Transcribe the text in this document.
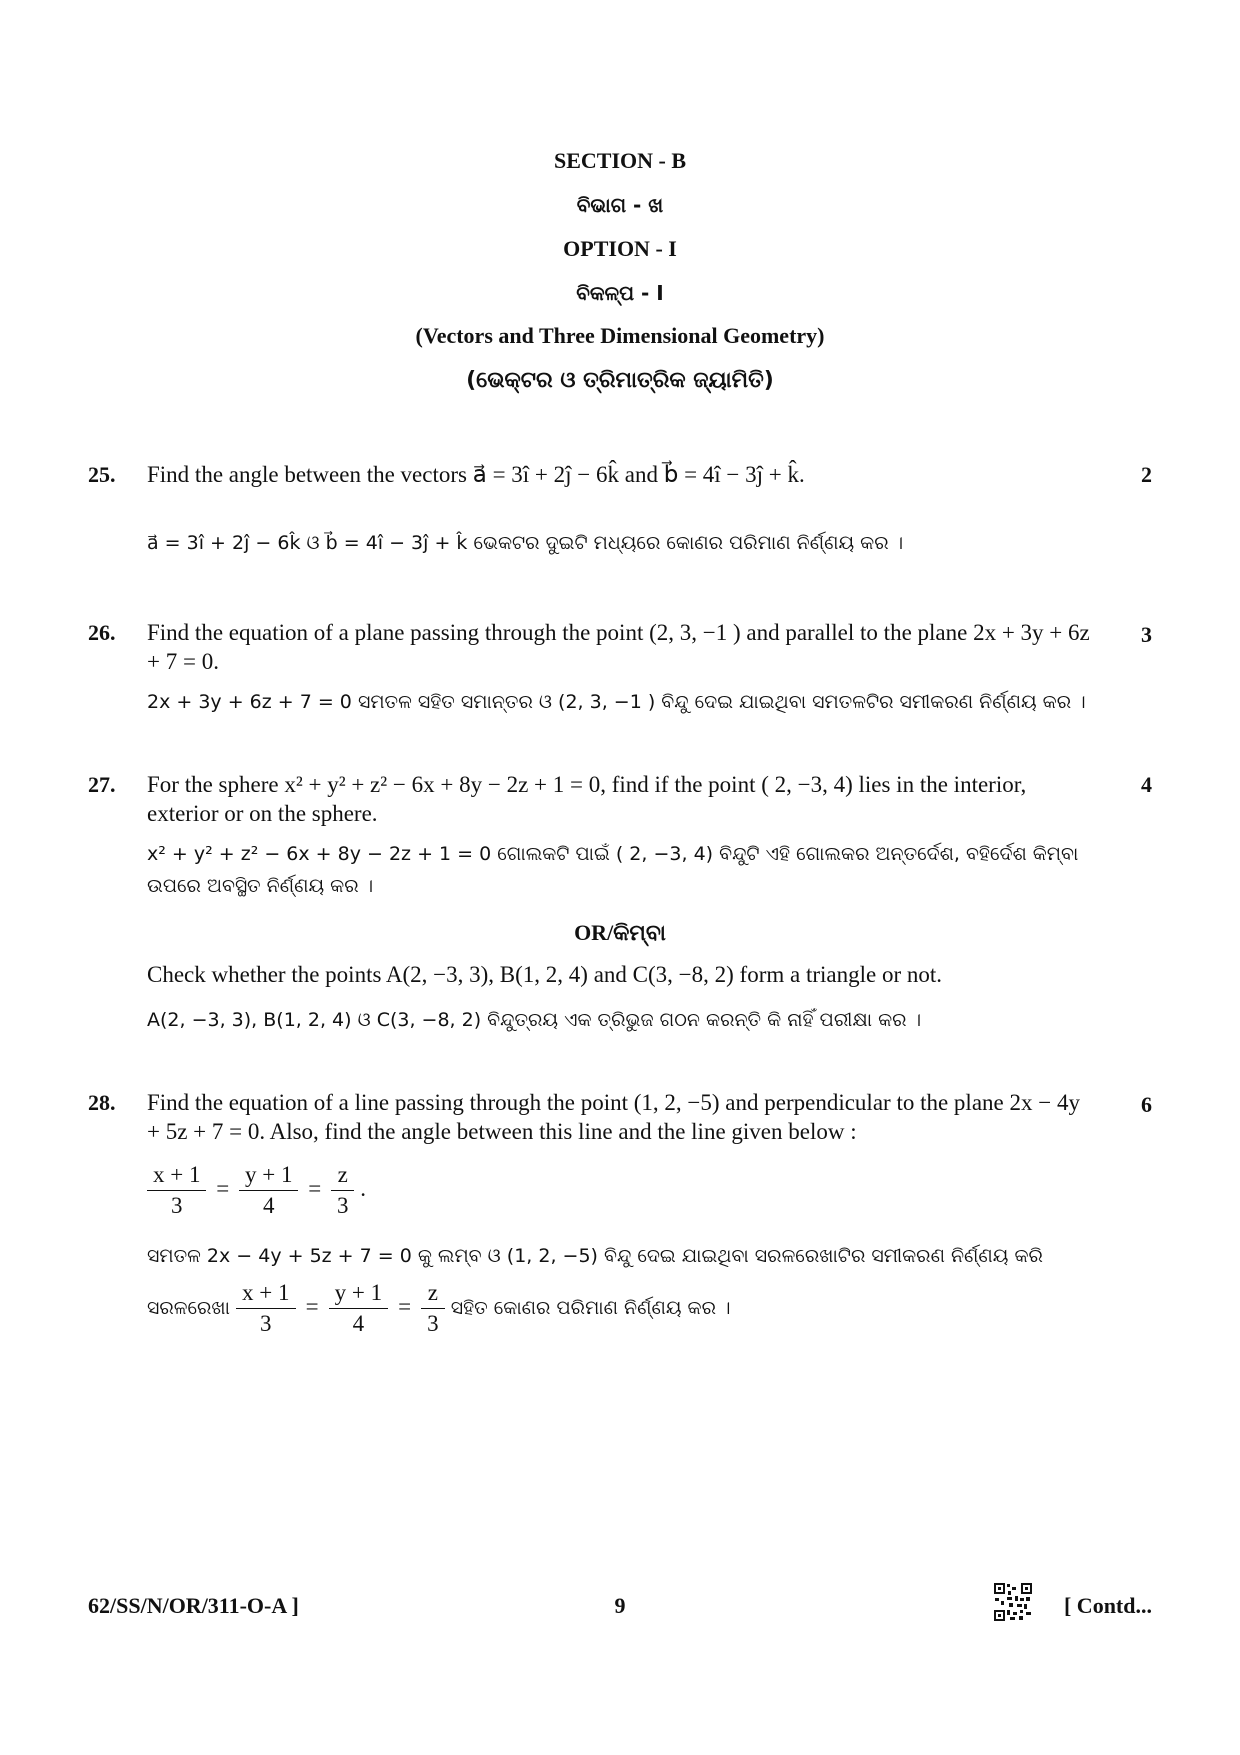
SECTION - B
ବିଭାଗ - ଖ
OPTION - I
ବିକଳ୍ପ - I
(Vectors and Three Dimensional Geometry)
(ଭେକ୍ଟର ଓ ତ୍ରିମାତ୍ରିକ ଜ୍ୟାମିତି)
25. Find the angle between the vectors a⃗ = 3î + 2ĵ − 6k̂ and b⃗ = 4î − 3ĵ + k̂.	2
a⃗ = 3î + 2ĵ − 6k̂ ଓ b⃗ = 4î − 3ĵ + k̂ ଭେକଟର ଦୁଇଟି ମଧ୍ୟରେ କୋଣର ପରିମାଣ ନିର୍ଣ୍ଣୟ କର ।
26. Find the equation of a plane passing through the point (2, 3, −1 ) and parallel to the plane 2x + 3y + 6z + 7 = 0.
3
2x + 3y + 6z + 7 = 0 ସମତଳ ସହିତ ସମାନ୍ତର ଓ (2, 3, −1 ) ବିନ୍ଦୁ ଦେଇ ଯାଇଥିବା ସମତଳଟିର ସମୀକରଣ ନିର୍ଣ୍ଣୟ କର ।
27. For the sphere x² + y² + z² − 6x + 8y − 2z + 1 = 0, find if the point ( 2, −3, 4) lies in the interior, exterior or on the sphere.
4
x² + y² + z² − 6x + 8y − 2z + 1 = 0 ଗୋଲକଟି ପାଇଁ ( 2, −3, 4) ବିନ୍ଦୁଟି ଏହି ଗୋଲକର ଅନ୍ତର୍ଦେଶ, ବହିର୍ଦେଶ କିମ୍ବା ଉପରେ ଅବସ୍ଥିତ ନିର୍ଣ୍ଣୟ କର ।
OR/କିମ୍ବା
Check whether the points A(2, −3, 3), B(1, 2, 4) and C(3, −8, 2) form a triangle or not.
A(2, −3, 3), B(1, 2, 4) ଓ C(3, −8, 2) ବିନ୍ଦୁତ୍ରୟ ଏକ ତ୍ରିଭୁଜ ଗଠନ କରନ୍ତି କି ନାହିଁ ପରୀକ୍ଷା କର ।
28. Find the equation of a line passing through the point (1, 2, −5) and perpendicular to the plane 2x − 4y + 5z + 7 = 0. Also, find the angle between this line and the line given below :
6
$\frac{x + 1}{3} = \frac{y + 1}{4} = \frac{z}{3}$ .
ସମତଳ 2x − 4y + 5z + 7 = 0 କୁ ଲମ୍ବ ଓ (1, 2, −5) ବିନ୍ଦୁ ଦେଇ ଯାଇଥିବା ସରଳରେଖାଟିର ସମୀକରଣ ନିର୍ଣ୍ଣୟ କରି
ସରଳରେଖା $\frac{x + 1}{3} = \frac{y + 1}{4} = \frac{z}{3}$ ସହିତ କୋଣର ପରିମାଣ ନିର୍ଣ୍ଣୟ କର ।
62/SS/N/OR/311-O-A ]	9	[ Contd...
